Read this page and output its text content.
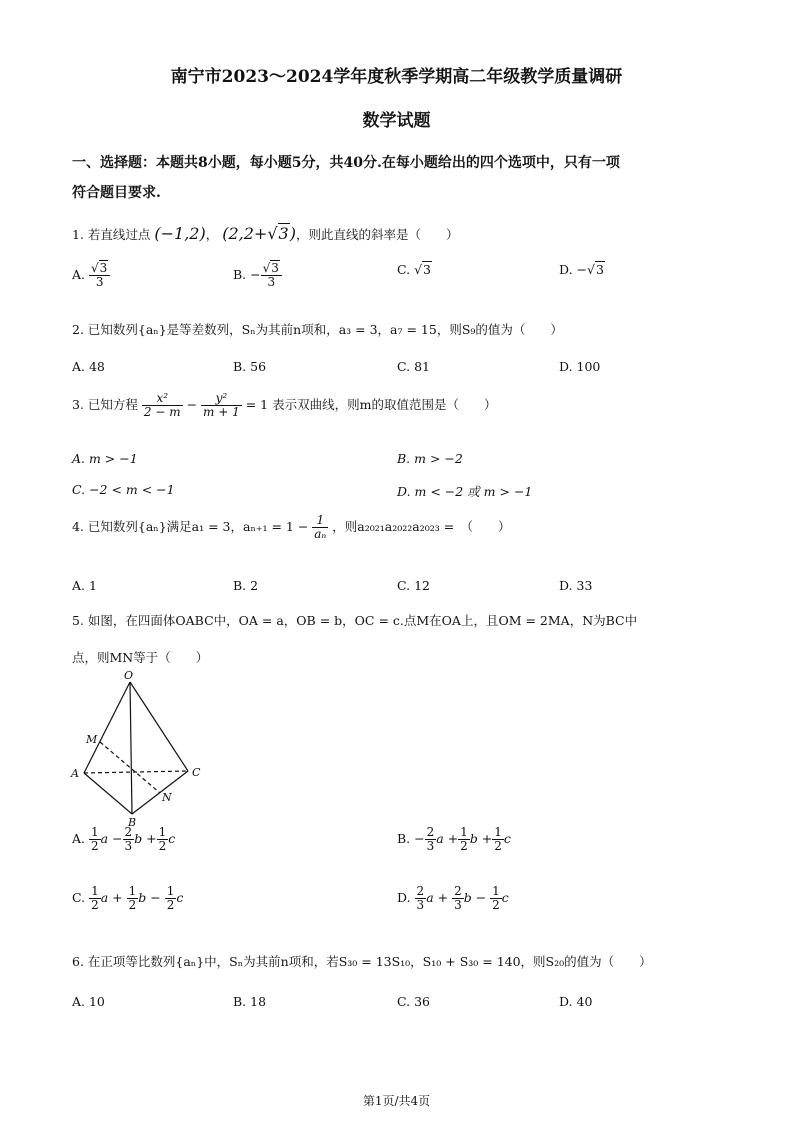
南宁市2023～2024学年度秋季学期高二年级教学质量调研
数学试题
一、选择题：本题共8小题，每小题5分，共40分.在每小题给出的四个选项中，只有一项
符合题目要求.
1. 若直线过点 (−1,2)， (2,2+√3)，则此直线的斜率是（　　）
A. $\frac{√3}{3}$	B. − $\frac{√3}{3}$	C. √3	D. −√3
2. 已知数列{aₙ}是等差数列，Sₙ为其前n项和，a₃ = 3，a₇ = 15，则S₉的值为（　　）
A. 48	B. 56	C. 81	D. 100
3. 已知方程 $\frac{\text{x²}}{2 - m} - \frac{\text{y²}}{m + 1} = 1$ 表示双曲线，则m的取值范围是（　　）
A. m > −1	B. m > −2
C. −2 < m < −1	D. m < −2 或 m > −1
4. 已知数列{aₙ}满足a₁ = 3，$a_{n+1} = 1 - \frac{1}{\text{aₙ}}$ ，则a₂₀₂₁a₂₀₂₂a₂₀₂₃ =　（　　）
A. 1	B. 2	C. 12	D. 33
5. 如图，在四面体OABC中，OA = a，OB = b，OC = c.点M在OA上，且OM = 2MA，N为BC中
点，则MN等于（　　）
O
M
A
B
C
N
A. $\frac{1}{2}$ $a - \frac{2}{3}$ $b + \frac{1}{2}$ c	B. − $\frac{2}{3}$ $a + \frac{1}{2}$ $b + \frac{1}{2}$ c
C. $\frac{1}{2}$ $a + \frac{1}{2}$ $b - \frac{1}{2}$ c	D. $\frac{2}{3}$ $a + \frac{2}{3}$ $b - \frac{1}{2}$ c
6. 在正项等比数列{aₙ}中，Sₙ为其前n项和，若S₃₀ = 13S₁₀，S₁₀ + S₃₀ = 140，则S₂₀的值为（　　）
A. 10	B. 18	C. 36	D. 40
第1页/共4页
